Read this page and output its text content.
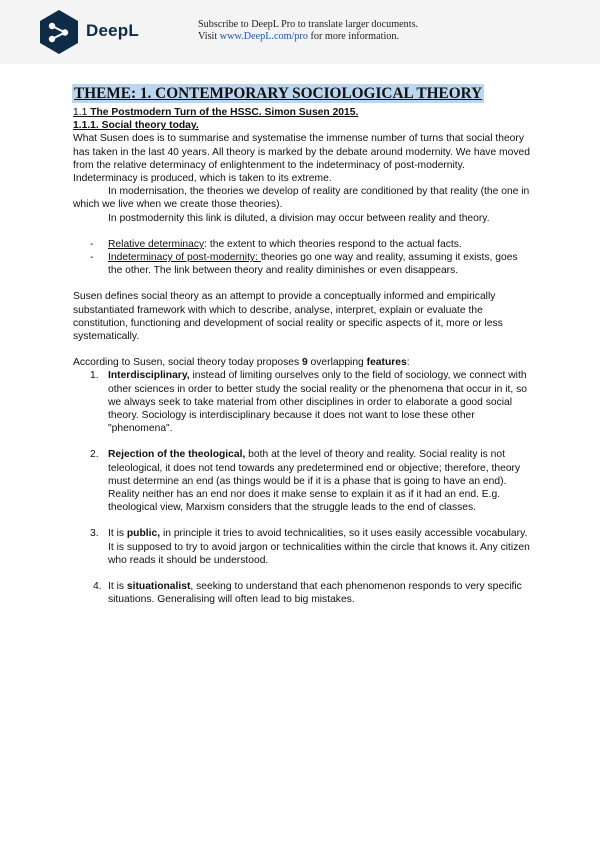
DeepL	Subscribe to DeepL Pro to translate larger documents.
Visit www.DeepL.com/pro for more information.
THEME: 1. CONTEMPORARY SOCIOLOGICAL THEORY
1.1 The Postmodern Turn of the HSSC. Simon Susen 2015.
1.1.1. Social theory today.

What Susen does is to summarise and systematise the immense number of turns that social theory has taken in the last 40 years. All theory is marked by the debate around modernity. We have moved from the relative determinacy of enlightenment to the indeterminacy of post-modernity.

Indeterminacy is produced, which is taken to its extreme.

In modernisation, the theories we develop of reality are conditioned by that reality (the one in which we live when we create those theories).

In postmodernity this link is diluted, a division may occur between reality and theory.

- Relative determinacy: the extent to which theories respond to the actual facts.
- Indeterminacy of post-modernity: theories go one way and reality, assuming it exists, goes the other. The link between theory and reality diminishes or even disappears.

Susen defines social theory as an attempt to provide a conceptually informed and empirically substantiated framework with which to describe, analyse, interpret, explain or evaluate the constitution, functioning and development of social reality or specific aspects of it, more or less systematically.

According to Susen, social theory today proposes 9 overlapping features:

1. Interdisciplinary, instead of limiting ourselves only to the field of sociology, we connect with other sciences in order to better study the social reality or the phenomena that occur in it, so we always seek to take material from other disciplines in order to elaborate a good social theory. Sociology is interdisciplinary because it does not want to lose these other "phenomena".
2. Rejection of the theological, both at the level of theory and reality. Social reality is not teleological, it does not tend towards any predetermined end or objective; therefore, theory must determine an end (as things would be if it is a phase that is going to have an end). Reality neither has an end nor does it make sense to explain it as if it had an end. E.g. theological view, Marxism considers that the struggle leads to the end of classes.
3. It is public, in principle it tries to avoid technicalities, so it uses easily accessible vocabulary. It is supposed to try to avoid jargon or technicalities within the circle that knows it. Any citizen who reads it should be understood.
4. It is situationalist, seeking to understand that each phenomenon responds to very specific situations. Generalising will often lead to big mistakes.
